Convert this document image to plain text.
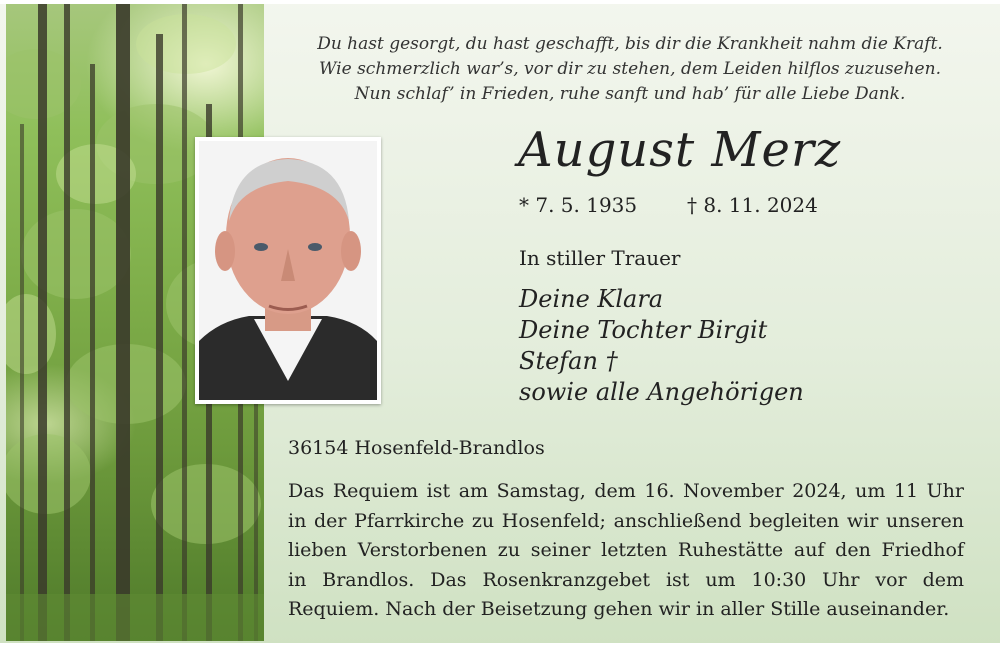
Du hast gesorgt, du hast geschafft, bis dir die Krankheit nahm die Kraft.
Wie schmerzlich war’s, vor dir zu stehen, dem Leiden hilflos zuzusehen.
Nun schlaf’ in Frieden, ruhe sanft und hab’ für alle Liebe Dank.
August Merz
* 7. 5. 1935 † 8. 11. 2024
In stiller Trauer
Deine Klara
Deine Tochter Birgit
Stefan †
sowie alle Angehörigen
36154 Hosenfeld-Brandlos
Das Requiem ist am Samstag, dem 16. November 2024, um 11 Uhr
in der Pfarrkirche zu Hosenfeld; anschließend begleiten wir unseren
lieben Verstorbenen zu seiner letzten Ruhestätte auf den Friedhof
in Brandlos. Das Rosenkranzgebet ist um 10:30 Uhr vor dem
Requiem. Nach der Beisetzung gehen wir in aller Stille auseinander.
